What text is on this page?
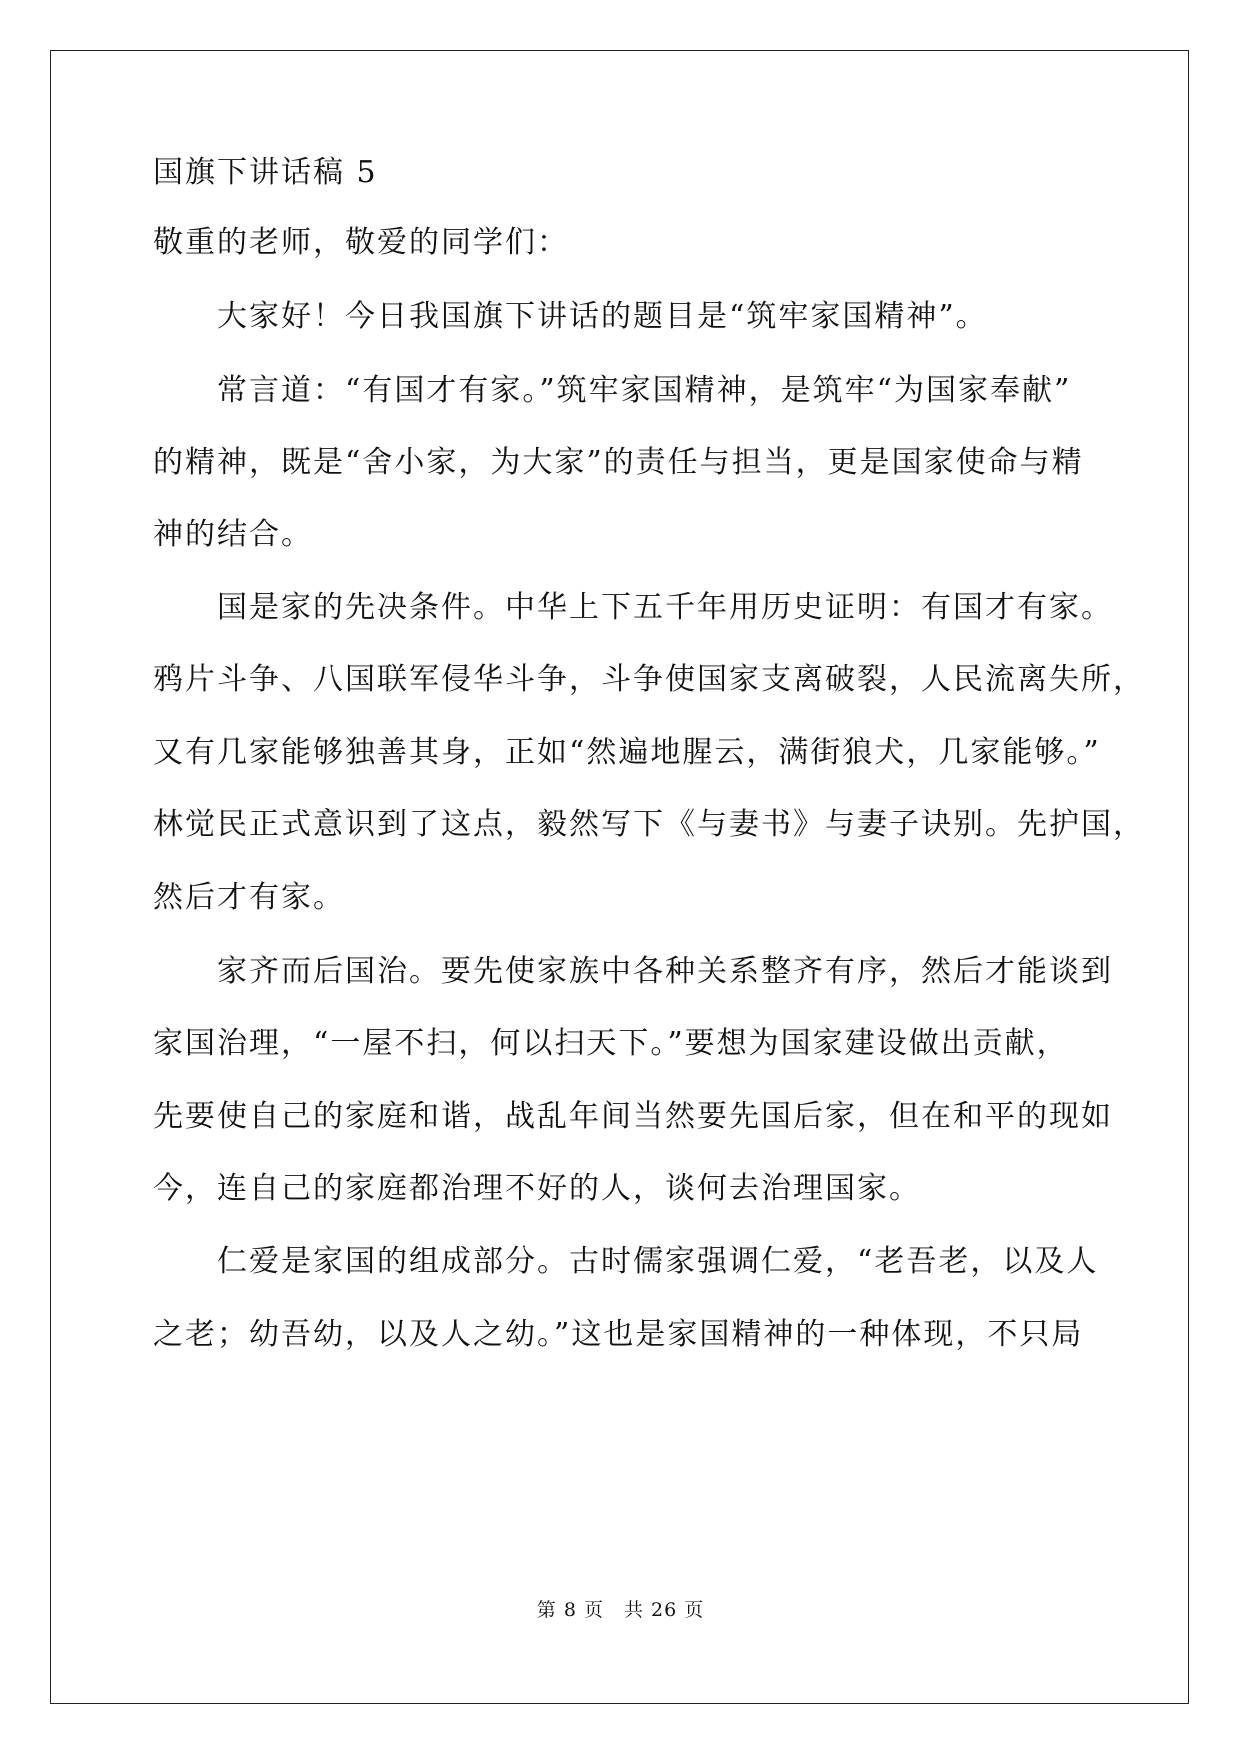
国旗下讲话稿 5
敬重的老师，敬爱的同学们：
大家好！今日我国旗下讲话的题目是“筑牢家国精神”。
常言道：“有国才有家。”筑牢家国精神，是筑牢“为国家奉献”
的精神，既是“舍小家，为大家”的责任与担当，更是国家使命与精
神的结合。
国是家的先决条件。中华上下五千年用历史证明：有国才有家。
鸦片斗争、八国联军侵华斗争，斗争使国家支离破裂，人民流离失所，
又有几家能够独善其身，正如“然遍地腥云，满街狼犬，几家能够。”
林觉民正式意识到了这点，毅然写下《与妻书》与妻子诀别。先护国，
然后才有家。
家齐而后国治。要先使家族中各种关系整齐有序，然后才能谈到
家国治理，“一屋不扫，何以扫天下。”要想为国家建设做出贡献，
先要使自己的家庭和谐，战乱年间当然要先国后家，但在和平的现如
今，连自己的家庭都治理不好的人，谈何去治理国家。
仁爱是家国的组成部分。古时儒家强调仁爱，“老吾老，以及人
之老；幼吾幼，以及人之幼。”这也是家国精神的一种体现，不只局
第 8 页　共 26 页
